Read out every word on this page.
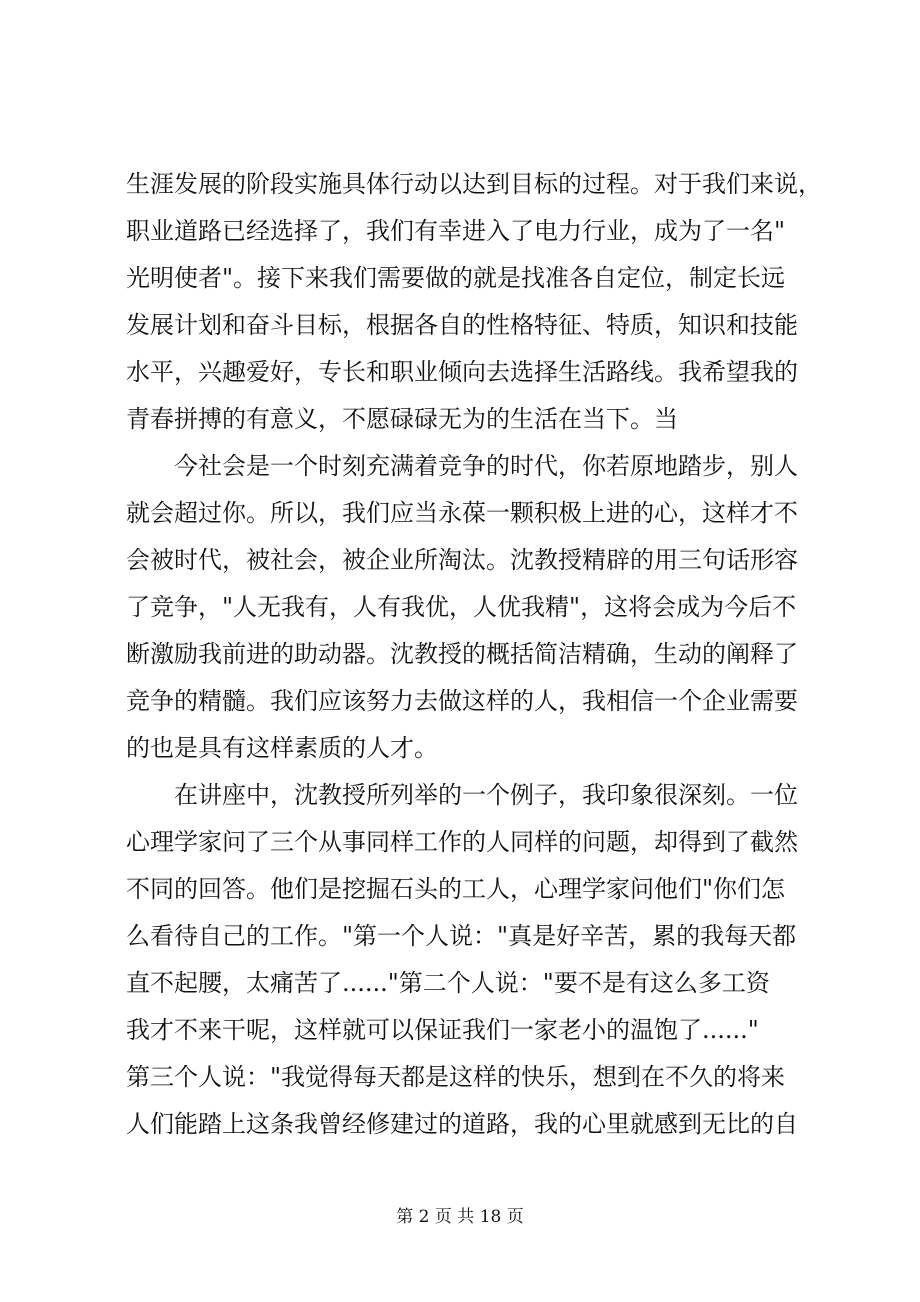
生涯发展的阶段实施具体行动以达到目标的过程。对于我们来说，
职业道路已经选择了，我们有幸进入了电力行业，成为了一名"
光明使者"。接下来我们需要做的就是找准各自定位，制定长远
发展计划和奋斗目标，根据各自的性格特征、特质，知识和技能
水平，兴趣爱好，专长和职业倾向去选择生活路线。我希望我的
青春拼搏的有意义，不愿碌碌无为的生活在当下。当
今社会是一个时刻充满着竞争的时代，你若原地踏步，别人
就会超过你。所以，我们应当永葆一颗积极上进的心，这样才不
会被时代，被社会，被企业所淘汰。沈教授精辟的用三句话形容
了竞争，"人无我有，人有我优，人优我精"，这将会成为今后不
断激励我前进的助动器。沈教授的概括简洁精确，生动的阐释了
竞争的精髓。我们应该努力去做这样的人，我相信一个企业需要
的也是具有这样素质的人才。
在讲座中，沈教授所列举的一个例子，我印象很深刻。一位
心理学家问了三个从事同样工作的人同样的问题，却得到了截然
不同的回答。他们是挖掘石头的工人，心理学家问他们"你们怎
么看待自己的工作。"第一个人说："真是好辛苦，累的我每天都
直不起腰，太痛苦了......"第二个人说："要不是有这么多工资
我才不来干呢，这样就可以保证我们一家老小的温饱了......"
第三个人说："我觉得每天都是这样的快乐，想到在不久的将来
人们能踏上这条我曾经修建过的道路，我的心里就感到无比的自
第 2 页 共 18 页
